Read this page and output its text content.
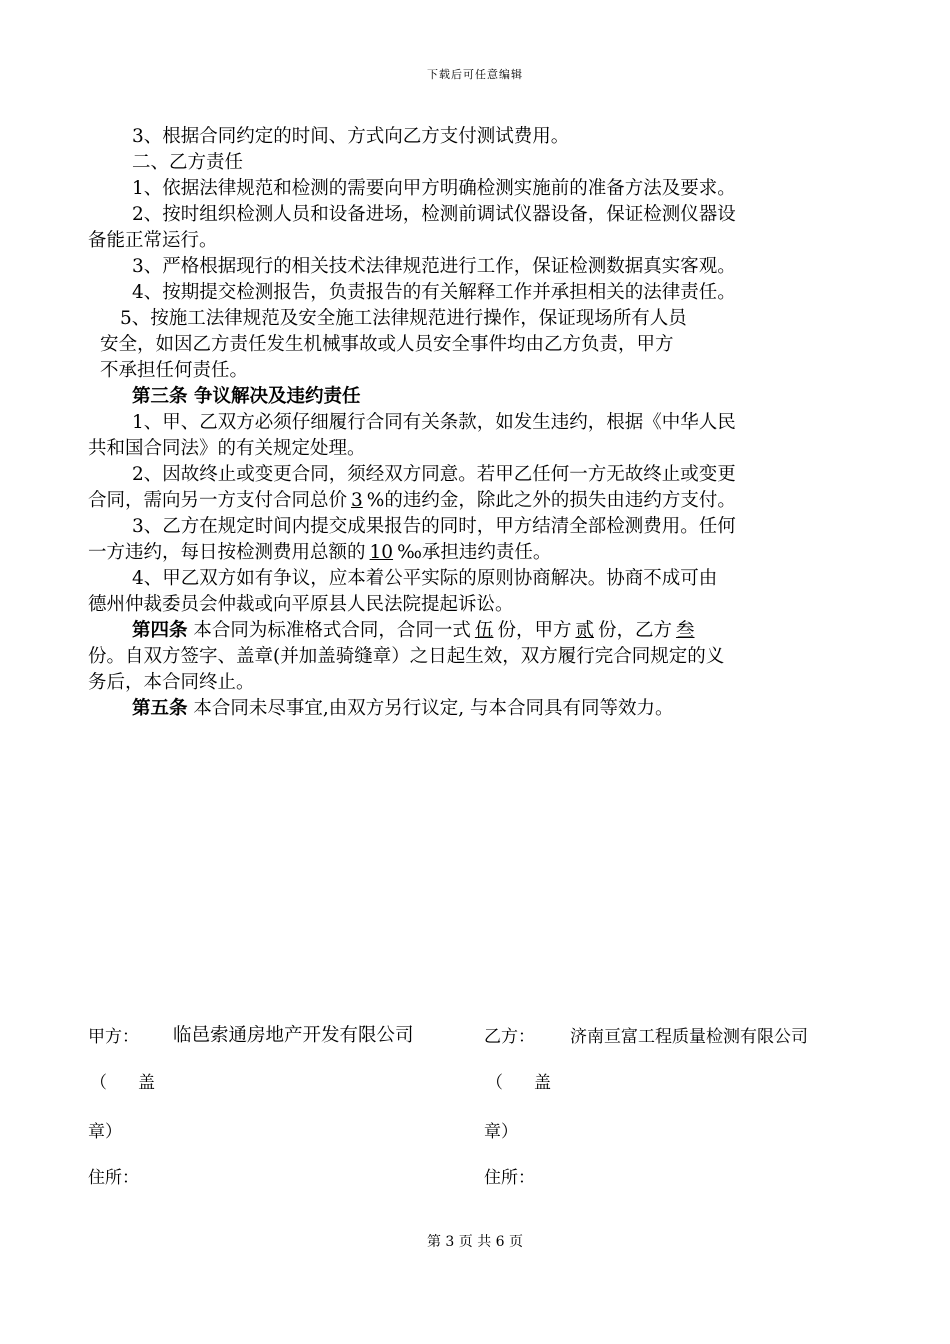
下载后可任意编辑
3、根据合同约定的时间、方式向乙方支付测试费用。
二、乙方责任
1、依据法律规范和检测的需要向甲方明确检测实施前的准备方法及要求。
2、按时组织检测人员和设备进场，检测前调试仪器设备，保证检测仪器设
备能正常运行。
3、严格根据现行的相关技术法律规范进行工作，保证检测数据真实客观。
4、按期提交检测报告，负责报告的有关解释工作并承担相关的法律责任。
5、按施工法律规范及安全施工法律规范进行操作，保证现场所有人员
安全，如因乙方责任发生机械事故或人员安全事件均由乙方负责，甲方
不承担任何责任。
第三条 争议解决及违约责任
1、甲、乙双方必须仔细履行合同有关条款，如发生违约，根据《中华人民
共和国合同法》的有关规定处理。
2、因故终止或变更合同，须经双方同意。若甲乙任何一方无故终止或变更
合同，需向另一方支付合同总价 3 %的违约金，除此之外的损失由违约方支付。
3、乙方在规定时间内提交成果报告的同时，甲方结清全部检测费用。任何
一方违约，每日按检测费用总额的 10 ‰承担违约责任。
4、甲乙双方如有争议，应本着公平实际的原则协商解决。协商不成可由
德州仲裁委员会仲裁或向平原县人民法院提起诉讼。
第四条 本合同为标准格式合同，合同一式 伍 份，甲方 贰 份，乙方 叁
份。自双方签字、盖章(并加盖骑缝章）之日起生效，双方履行完合同规定的义
务后，本合同终止。
第五条 本合同未尽事宜,由双方另行议定, 与本合同具有同等效力。
甲方： 临邑索通房地产开发有限公司
（ 盖
章）
住所：
乙方： 济南亘富工程质量检测有限公司
（ 盖
章）
住所：
第 3 页 共 6 页
